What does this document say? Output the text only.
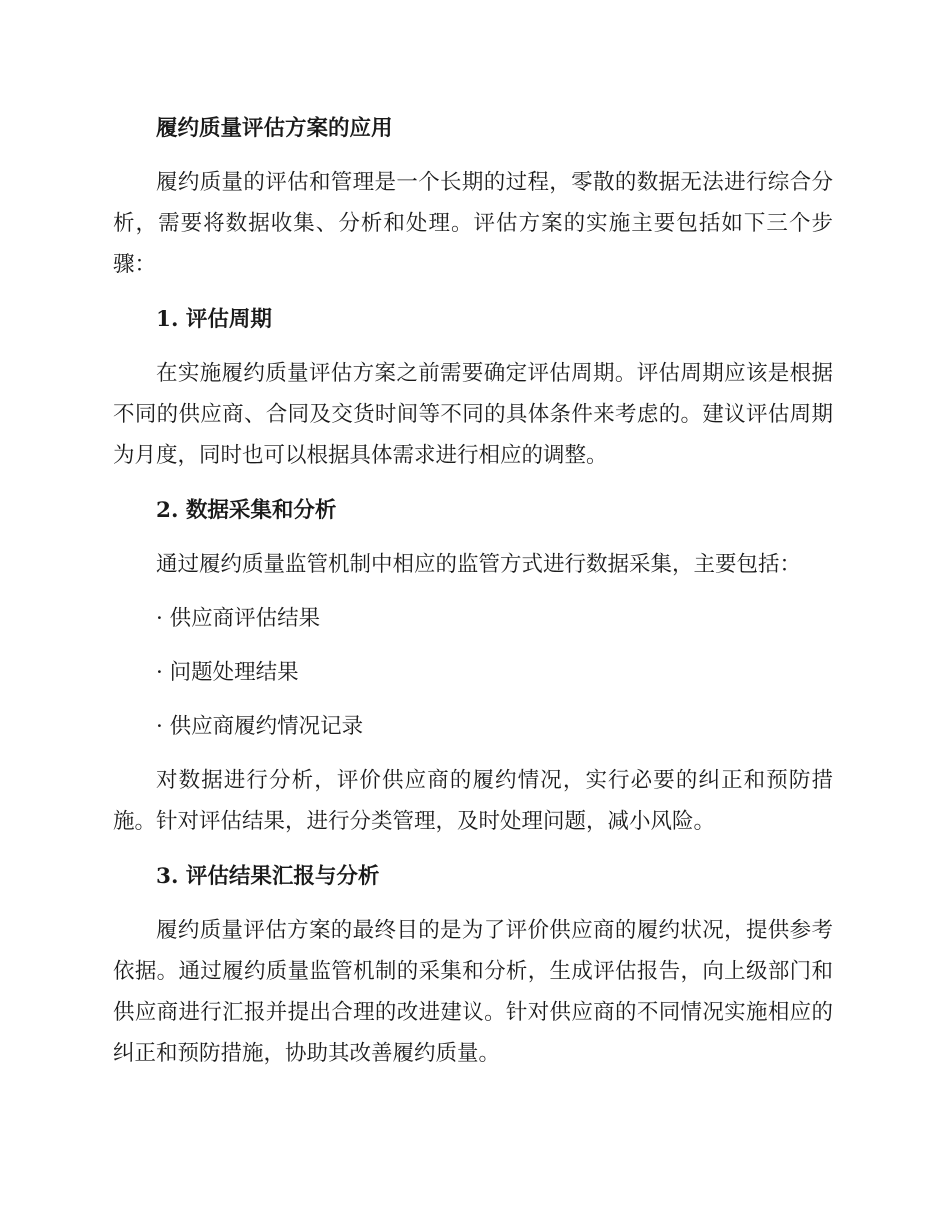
履约质量评估方案的应用

履约质量的评估和管理是一个长期的过程，零散的数据无法进行综合分析，需要将数据收集、分析和处理。评估方案的实施主要包括如下三个步骤：

1. 评估周期

在实施履约质量评估方案之前需要确定评估周期。评估周期应该是根据不同的供应商、合同及交货时间等不同的具体条件来考虑的。建议评估周期为月度，同时也可以根据具体需求进行相应的调整。

2. 数据采集和分析

通过履约质量监管机制中相应的监管方式进行数据采集，主要包括：

· 供应商评估结果

· 问题处理结果

· 供应商履约情况记录

对数据进行分析，评价供应商的履约情况，实行必要的纠正和预防措施。针对评估结果，进行分类管理，及时处理问题，减小风险。

3. 评估结果汇报与分析

履约质量评估方案的最终目的是为了评价供应商的履约状况，提供参考依据。通过履约质量监管机制的采集和分析，生成评估报告，向上级部门和供应商进行汇报并提出合理的改进建议。针对供应商的不同情况实施相应的纠正和预防措施，协助其改善履约质量。
